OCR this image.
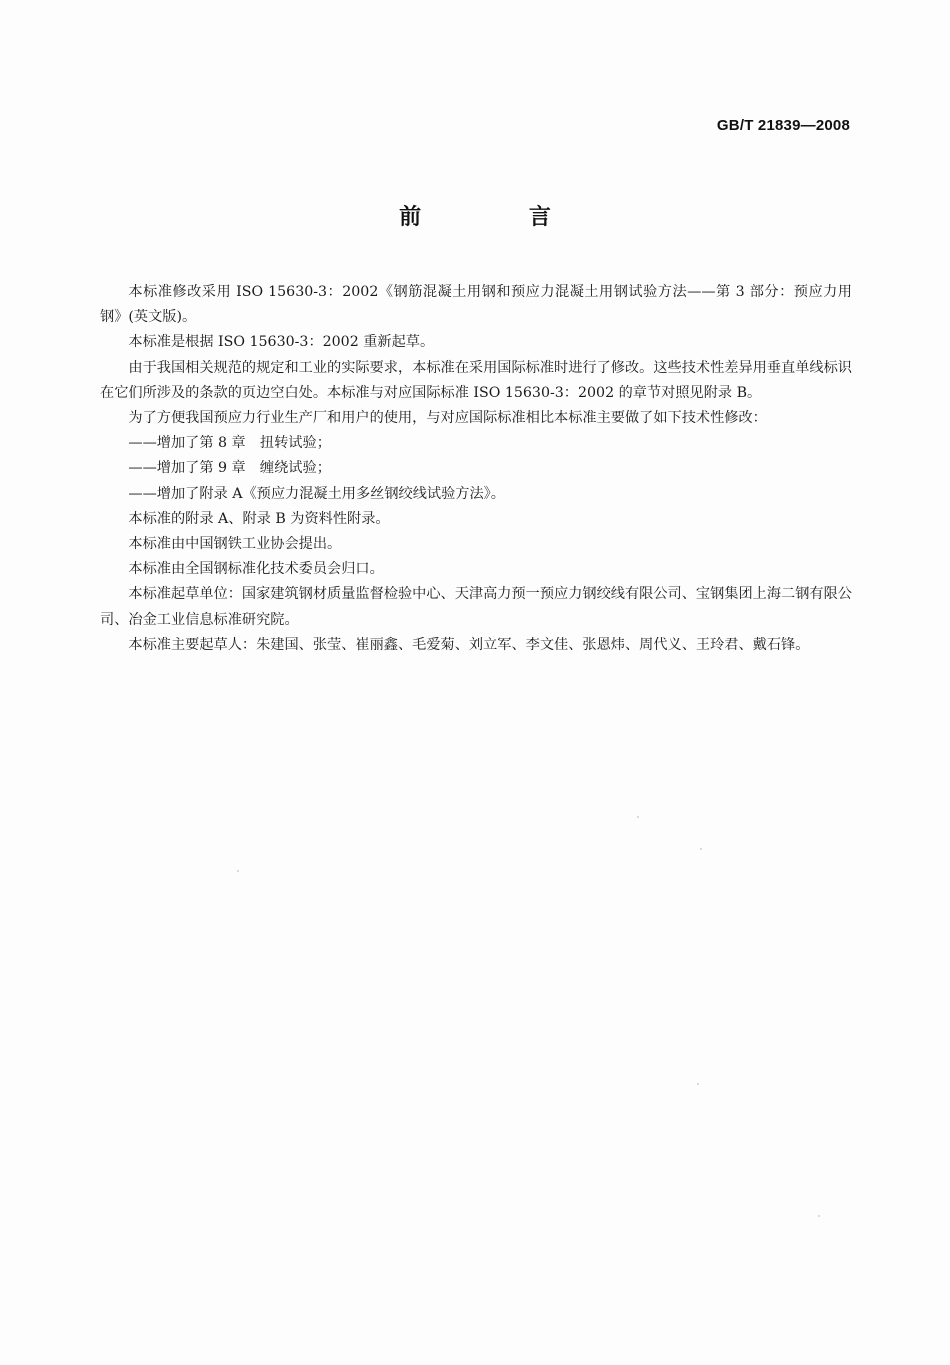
GB/T 21839—2008
前 言

本标准修改采用 ISO 15630-3：2002《钢筋混凝土用钢和预应力混凝土用钢试验方法——第 3 部分：预应力用钢》(英文版)。

本标准是根据 ISO 15630-3：2002 重新起草。

由于我国相关规范的规定和工业的实际要求，本标准在采用国际标准时进行了修改。这些技术性差异用垂直单线标识在它们所涉及的条款的页边空白处。本标准与对应国际标准 ISO 15630-3：2002 的章节对照见附录 B。

为了方便我国预应力行业生产厂和用户的使用，与对应国际标准相比本标准主要做了如下技术性修改：

——增加了第 8 章　扭转试验；

——增加了第 9 章　缠绕试验；

——增加了附录 A《预应力混凝土用多丝钢绞线试验方法》。

本标准的附录 A、附录 B 为资料性附录。

本标准由中国钢铁工业协会提出。

本标准由全国钢标准化技术委员会归口。

本标准起草单位：国家建筑钢材质量监督检验中心、天津高力预一预应力钢绞线有限公司、宝钢集团上海二钢有限公司、冶金工业信息标准研究院。

本标准主要起草人：朱建国、张莹、崔丽鑫、毛爱菊、刘立军、李文佳、张恩炜、周代义、王玲君、戴石锋。
